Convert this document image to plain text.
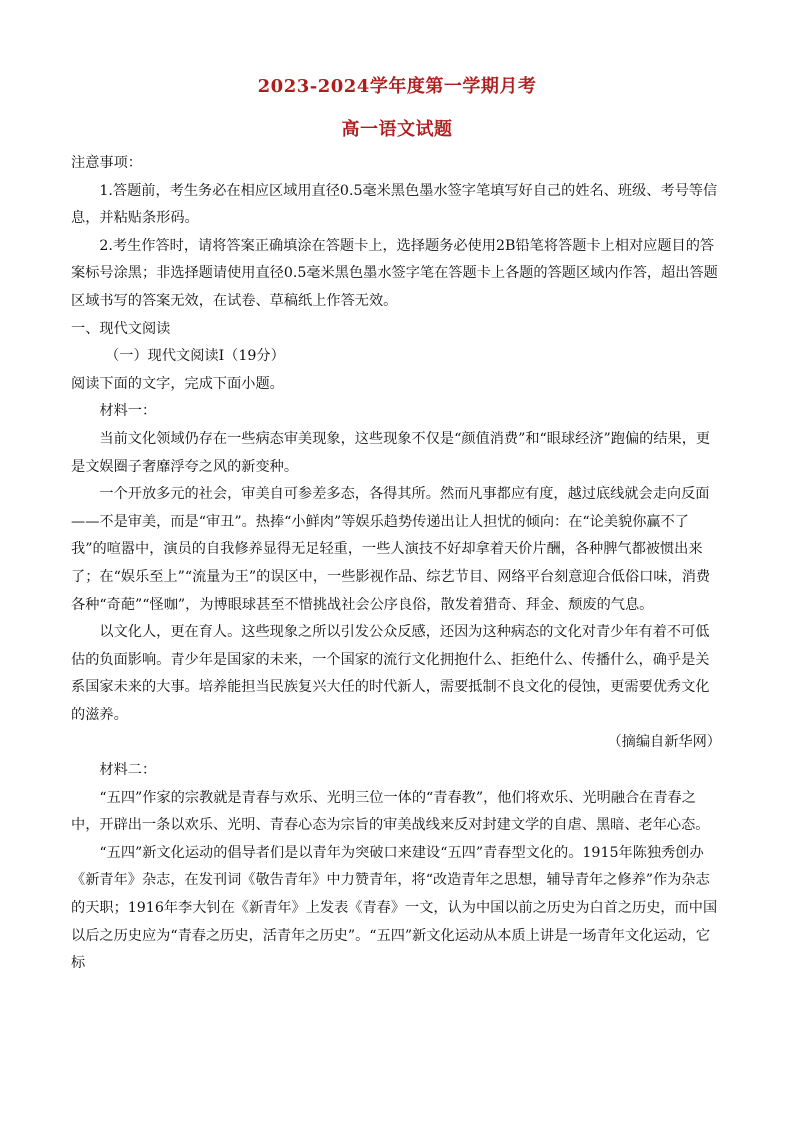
2023-2024学年度第一学期月考
高一语文试题

注意事项：

1.答题前，考生务必在相应区域用直径0.5毫米黑色墨水签字笔填写好自己的姓名、班级、考号等信息，并粘贴条形码。

2.考生作答时，请将答案正确填涂在答题卡上，选择题务必使用2B铅笔将答题卡上相对应题目的答案标号涂黑；非选择题请使用直径0.5毫米黑色墨水签字笔在答题卡上各题的答题区域内作答，超出答题区域书写的答案无效，在试卷、草稿纸上作答无效。

一、现代文阅读

（一）现代文阅读Ⅰ（19分）

阅读下面的文字，完成下面小题。

材料一：

当前文化领域仍存在一些病态审美现象，这些现象不仅是“颜值消费”和“眼球经济”跑偏的结果，更是文娱圈子奢靡浮夸之风的新变种。

一个开放多元的社会，审美自可参差多态，各得其所。然而凡事都应有度，越过底线就会走向反面——不是审美，而是“审丑”。热捧“小鲜肉”等娱乐趋势传递出让人担忧的倾向：在“论美貌你赢不了我”的喧嚣中，演员的自我修养显得无足轻重，一些人演技不好却拿着天价片酬，各种脾气都被惯出来了；在“娱乐至上”“流量为王”的误区中，一些影视作品、综艺节目、网络平台刻意迎合低俗口味，消费各种“奇葩”“怪咖”，为博眼球甚至不惜挑战社会公序良俗，散发着猎奇、拜金、颓废的气息。

以文化人，更在育人。这些现象之所以引发公众反感，还因为这种病态的文化对青少年有着不可低估的负面影响。青少年是国家的未来，一个国家的流行文化拥抱什么、拒绝什么、传播什么，确乎是关系国家未来的大事。培养能担当民族复兴大任的时代新人，需要抵制不良文化的侵蚀，更需要优秀文化的滋养。

（摘编自新华网）

材料二：

“五四”作家的宗教就是青春与欢乐、光明三位一体的“青春教”，他们将欢乐、光明融合在青春之中，开辟出一条以欢乐、光明、青春心态为宗旨的审美战线来反对封建文学的自虐、黑暗、老年心态。

“五四”新文化运动的倡导者们是以青年为突破口来建设“五四”青春型文化的。1915年陈独秀创办《新青年》杂志，在发刊词《敬告青年》中力赞青年，将“改造青年之思想，辅导青年之修养”作为杂志的天职；1916年李大钊在《新青年》上发表《青春》一文，认为中国以前之历史为白首之历史，而中国以后之历史应为“青春之历史，活青年之历史”。“五四”新文化运动从本质上讲是一场青年文化运动，它标
